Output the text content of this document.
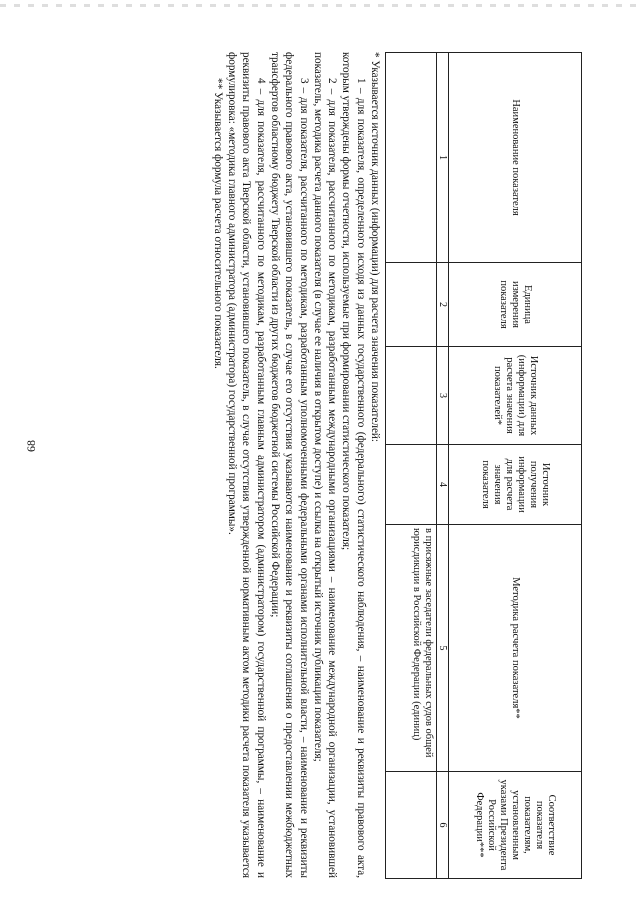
68
Наименование показателя	Единица измерения показателя	Источник данных (информации) для расчета значения показателей*	Источник получения информации для расчета значения показателя	Методика расчета показателя**	Соответствие показателя показателям, установленным указами Президента Российской Федерации***
1	2	3	4	5	6
				в присяжные заседатели федеральных судов общей юрисдикции в Российской Федерации (единиц)	

* Указывается источник данных (информации) для расчета значения показателей:

1 – для показателя, определенного исходя из данных государственного (федерального) статистического наблюдения, – наименование и реквизиты правового акта, которым утверждены формы отчетности, используемые при формировании статистического показателя;

2 – для показателя, рассчитанного по методикам, разработанным международными организациями – наименование международной организации, установившей показатель, методика расчета данного показателя (в случае ее наличия в открытом доступе) и ссылка на открытый источник публикации показателя;

3 – для показателя, рассчитанного по методикам, разработанным уполномоченными федеральными органами исполнительной власти, – наименование и реквизиты федерального правового акта, установившего показатель, в случае его отсутствия указываются наименование и реквизиты соглашения о предоставлении межбюджетных трансфертов областному бюджету Тверской области из других бюджетов бюджетной системы Российской Федерации;

4 – для показателя, рассчитанного по методикам, разработанным главным администратором (администратором) государственной программы, – наименование и реквизиты правового акта Тверской области, установившего показатель, в случае отсутствия утвержденной нормативным актом методики расчета показателя указывается формулировка: «методика главного администратора (администратора) государственной программы».

** Указывается формула расчета относительного показателя.
